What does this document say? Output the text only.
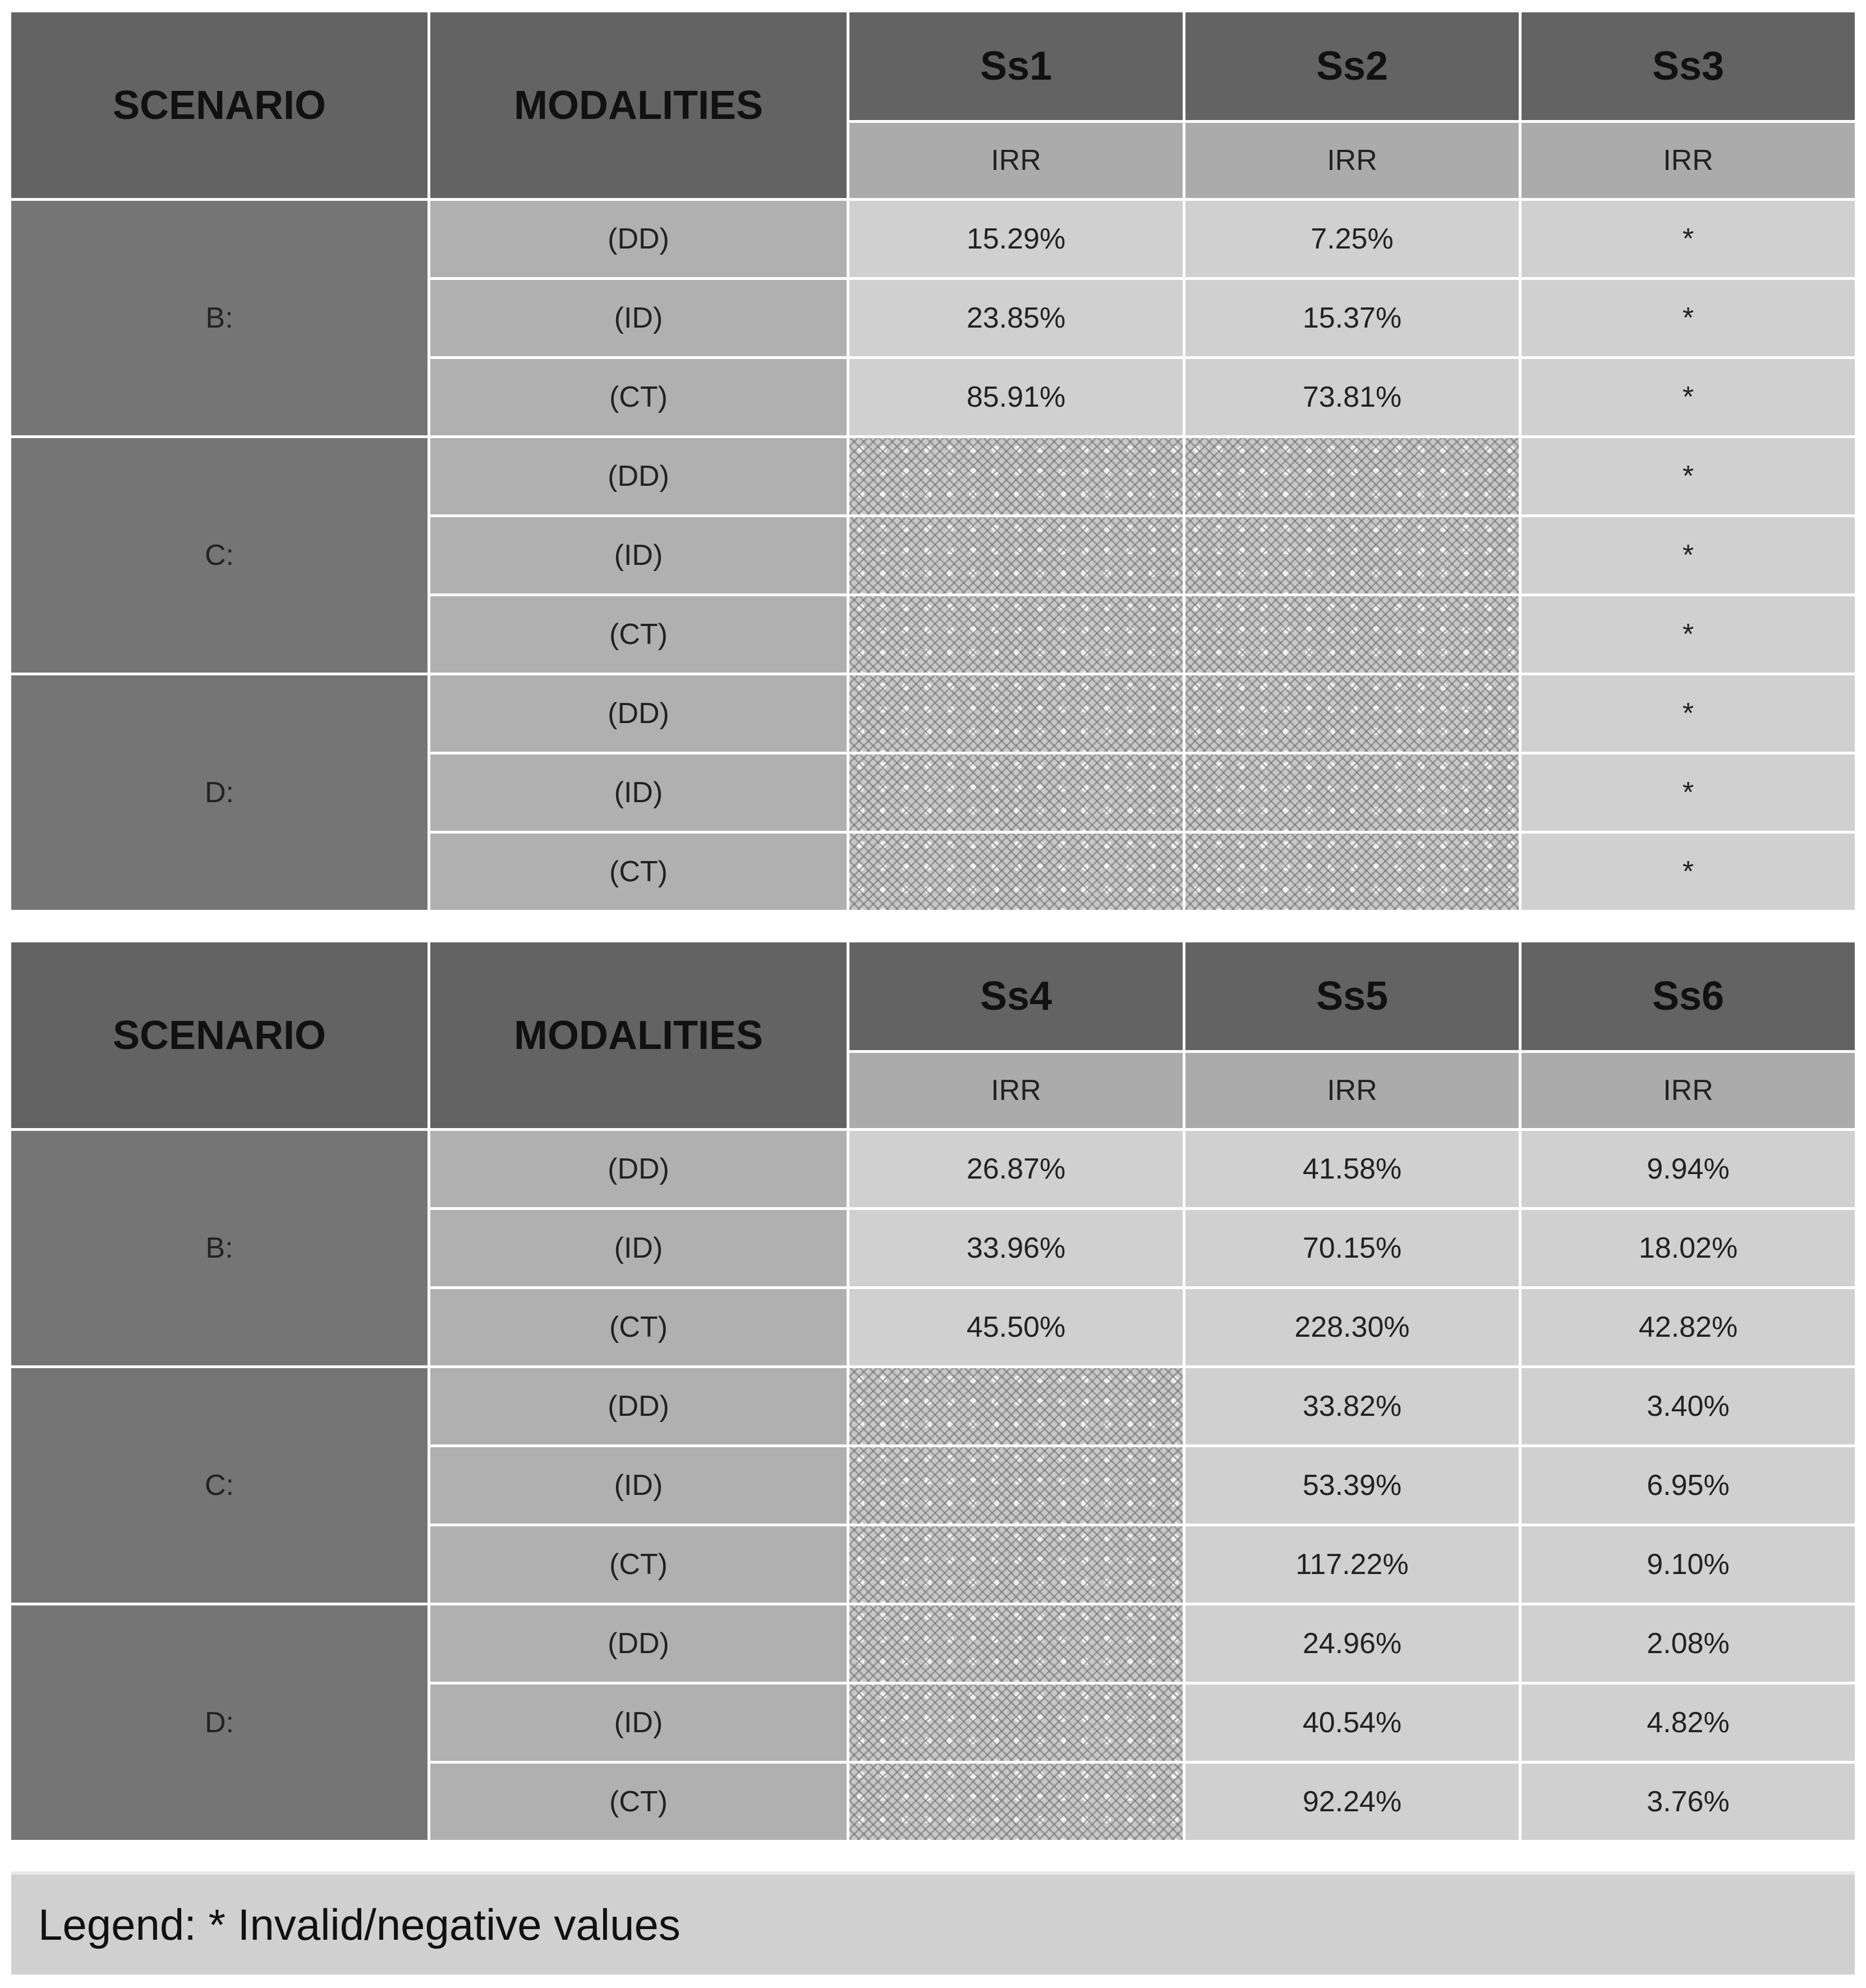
SCENARIO	MODALITIES	Ss1	Ss2	Ss3
		IRR	IRR	IRR
B:	(DD)	15.29%	7.25%	*
	(ID)	23.85%	15.37%	*
	(CT)	85.91%	73.81%	*
C:	(DD)			*
	(ID)			*
	(CT)			*
D:	(DD)			*
	(ID)			*
	(CT)			*
SCENARIO	MODALITIES	Ss4	Ss5	Ss6
		IRR	IRR	IRR
B:	(DD)	26.87%	41.58%	9.94%
	(ID)	33.96%	70.15%	18.02%
	(CT)	45.50%	228.30%	42.82%
C:	(DD)		33.82%	3.40%
	(ID)		53.39%	6.95%
	(CT)		117.22%	9.10%
D:	(DD)		24.96%	2.08%
	(ID)		40.54%	4.82%
	(CT)		92.24%	3.76%
Legend: * Invalid/negative values
